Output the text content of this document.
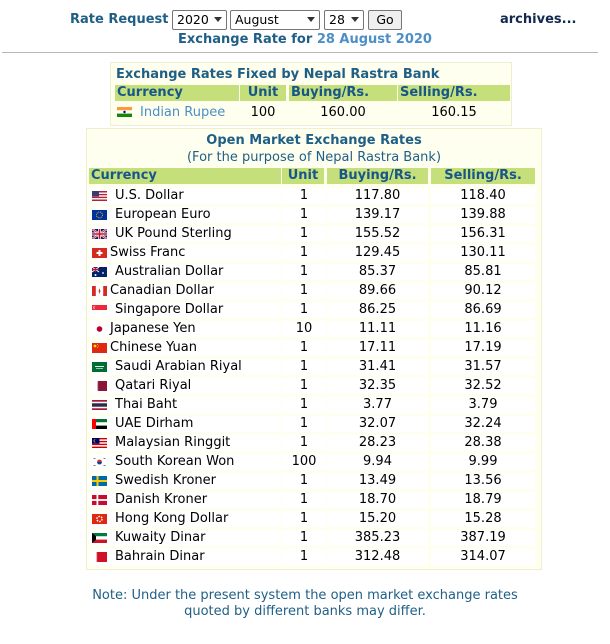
Rate Request 2020	August	28	Go	archives...
Exchange Rate for 28 August 2020
Exchange Rates Fixed by Nepal Rastra Bank
Currency	Unit Buying/Rs.	Selling/Rs.
Indian Rupee	100	160.00	160.15
Open Market Exchange Rates
(For the purpose of Nepal Rastra Bank)
Currency	Unit	Buying/Rs.	Selling/Rs.
U.S. Dollar	1	117.80	118.40
European Euro	1	139.17	139.88
UK Pound Sterling	1	155.52	156.31
Swiss Franc	1	129.45	130.11
Australian Dollar	1	85.37	85.81
Canadian Dollar	1	89.66	90.12
Singapore Dollar	1	86.25	86.69
Japanese Yen	10	11.11	11.16
Chinese Yuan	1	17.11	17.19
Saudi Arabian Riyal	1	31.41	31.57
Qatari Riyal	1	32.35	32.52
Thai Baht	1	3.77	3.79
UAE Dirham	1	32.07	32.24
Malaysian Ringgit	1	28.23	28.38
South Korean Won	100	9.94	9.99
Swedish Kroner	1	13.49	13.56
Danish Kroner	1	18.70	18.79
Hong Kong Dollar	1	15.20	15.28
Kuwaity Dinar	1	385.23	387.19
Bahrain Dinar	1	312.48	314.07
Note: Under the present system the open market exchange rates
quoted by different banks may differ.
